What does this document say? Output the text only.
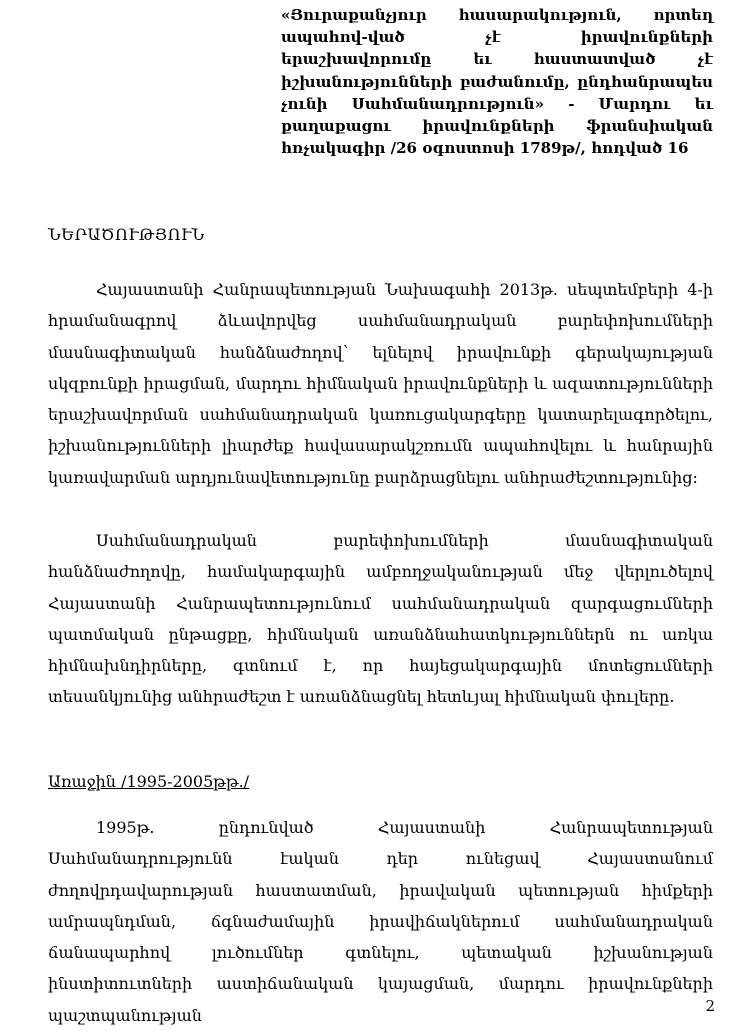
«Յուրաքանչյուր հասարակություն, որտեղ ապահով-ված չէ իրավունքների երաշխավորումը եւ հաստատված չէ իշխանությունների բաժանումը, ընդհանրապես չունի Սահմանադրություն» - Մարդու եւ քաղաքացու իրավունքների ֆրանսիական հռչակագիր /26 օգոստոսի 1789թ/, հոդված 16
ՆԵՐԱԾՈՒԹՅՈՒՆ

Հայաստանի Հանրապետության Նախագահի 2013թ. սեպտեմբերի 4-ի հրամանագրով ձևավորվեց սահմանադրական բարեփոխումների մասնագիտական հանձնաժողով՝ ելնելով իրավունքի գերակայության սկզբունքի իրացման, մարդու հիմնական իրավունքների և ազատությունների երաշխավորման սահմանադրական կառուցակարգերը կատարելագործելու, իշխանությունների լիարժեք հավասարակշռումն ապահովելու և հանրային կառավարման արդյունավետությունը բարձրացնելու անհրաժեշտությունից:

Սահմանադրական բարեփոխումների մասնագիտական հանձնաժողովը, համակարգային ամբողջականության մեջ վերլուծելով Հայաստանի Հանրապետությունում սահմանադրական զարգացումների պատմական ընթացքը, հիմնական առանձնահատկություններն ու առկա հիմնախնդիրները, գտնում է, որ հայեցակարգային մոտեցումների տեսանկյունից անհրաժեշտ է առանձնացնել հետևյալ հիմնական փուլերը.

Առաջին /1995-2005թթ./

1995թ. ընդունված Հայաստանի Հանրապետության Սահմանադրությունն էական դեր ունեցավ Հայաստանում ժողովրդավարության հաստատման, իրավական պետության հիմքերի ամրապնդման, ճգնաժամային իրավիճակներում սահմանադրական ճանապարհով լուծումներ գտնելու, պետական իշխանության ինստիտուտների աստիճանական կայացման, մարդու իրավունքների պաշտպանության	2
